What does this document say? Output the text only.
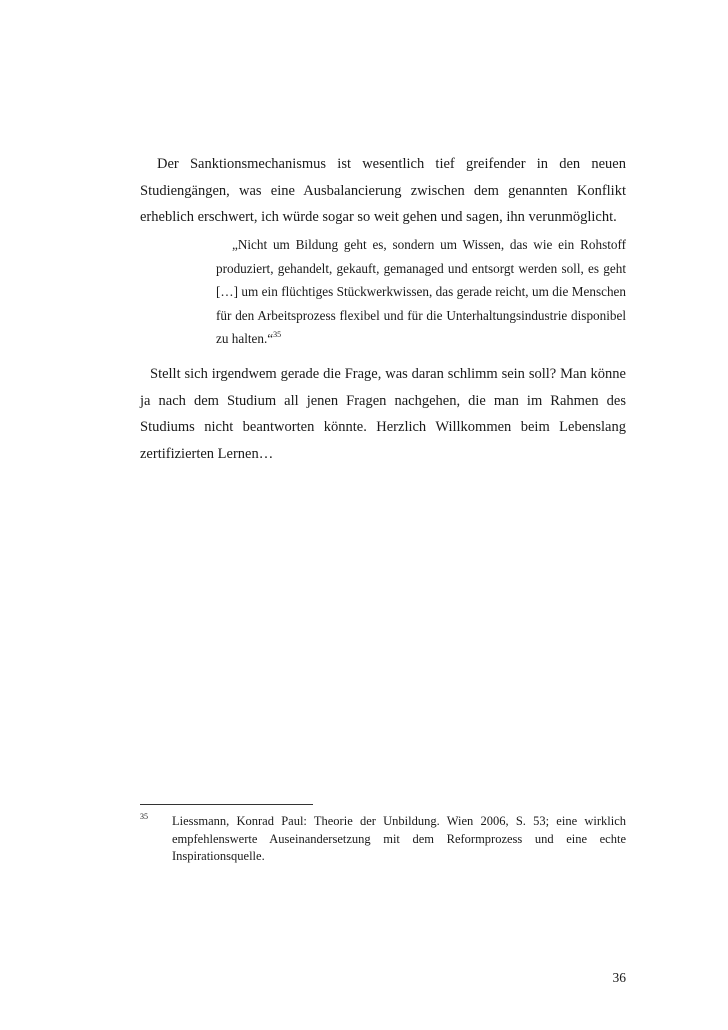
Der Sanktionsmechanismus ist wesentlich tief greifender in den neuen Studiengängen, was eine Ausbalancierung zwischen dem genannten Konflikt erheblich erschwert, ich würde sogar so weit gehen und sagen, ihn verunmöglicht.

„Nicht um Bildung geht es, sondern um Wissen, das wie ein Rohstoff produziert, gehandelt, gekauft, gemanaged und entsorgt werden soll, es geht […] um ein flüchtiges Stückwerkwissen, das gerade reicht, um die Menschen für den Arbeitsprozess flexibel und für die Unterhaltungsindustrie disponibel zu halten.“$^{35}$

Stellt sich irgendwem gerade die Frage, was daran schlimm sein soll? Man könne ja nach dem Studium all jenen Fragen nachgehen, die man im Rahmen des Studiums nicht beantworten könnte. Herzlich Willkommen beim Lebenslang zertifizierten Lernen…

35 Liessmann, Konrad Paul: Theorie der Unbildung. Wien 2006, S. 53; eine wirklich empfehlenswerte Auseinandersetzung mit dem Reformprozess und eine echte Inspirationsquelle.
36
